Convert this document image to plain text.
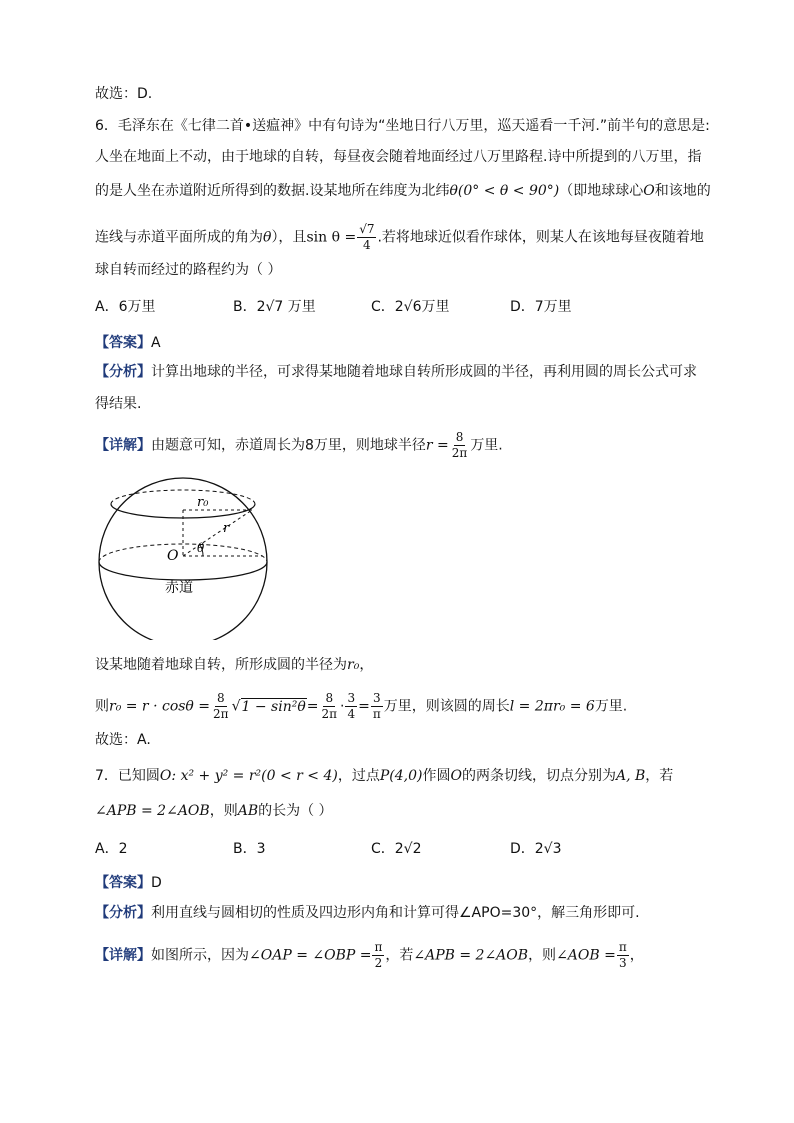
故选：D.
6．毛泽东在《七律二首•送瘟神》中有句诗为“坐地日行八万里，巡天遥看一千河.”前半句的意思是:
人坐在地面上不动，由于地球的自转，每昼夜会随着地面经过八万里路程.诗中所提到的八万里，指
的是人坐在赤道附近所得到的数据.设某地所在纬度为北纬θ(0° < θ < 90°)（即地球球心O和该地的
连线与赤道平面所成的角为θ），且$\sin \theta = \frac{√7}{4}$ .若将地球近似看作球体，则某人在该地每昼夜随着地
球自转而经过的路程约为（ ）
A．6万里	B．2√7 万里	C．2√6万里	D．7万里
【答案】A
【分析】计算出地球的半径，可求得某地随着地球自转所形成圆的半径，再利用圆的周长公式可求
得结果.
【详解】由题意可知，赤道周长为8万里，则地球半径$r = \frac{8}{2\pi}$ 万里.
r₀
r
O θ
赤道
设某地随着地球自转，所形成圆的半径为r₀，
则$r_0 = r \cdot \cos\theta = \frac{8}{2\pi} √1 - \sin^2\theta= \frac{8}{2\pi} \cdot \frac{3}{4} = \frac{3}{\pi}$ 万里，则该圆的周长l = 2πr₀ = 6万里.
故选：A.
7．已知圆O: x² + y² = r²(0 < r < 4)，过点P(4,0)作圆O的两条切线，切点分别为A, B，若
∠APB = 2∠AOB，则AB的长为（ ）
A．2	B．3	C．2√2	D．2√3
【答案】D
【分析】利用直线与圆相切的性质及四边形内角和计算可得∠APO=30°，解三角形即可.
【详解】如图所示，因为∠OAP = ∠OBP = $\frac{\pi}{2}$ ，若∠APB = 2∠AOB，则∠AOB = $\frac{\pi}{3}$ ，
